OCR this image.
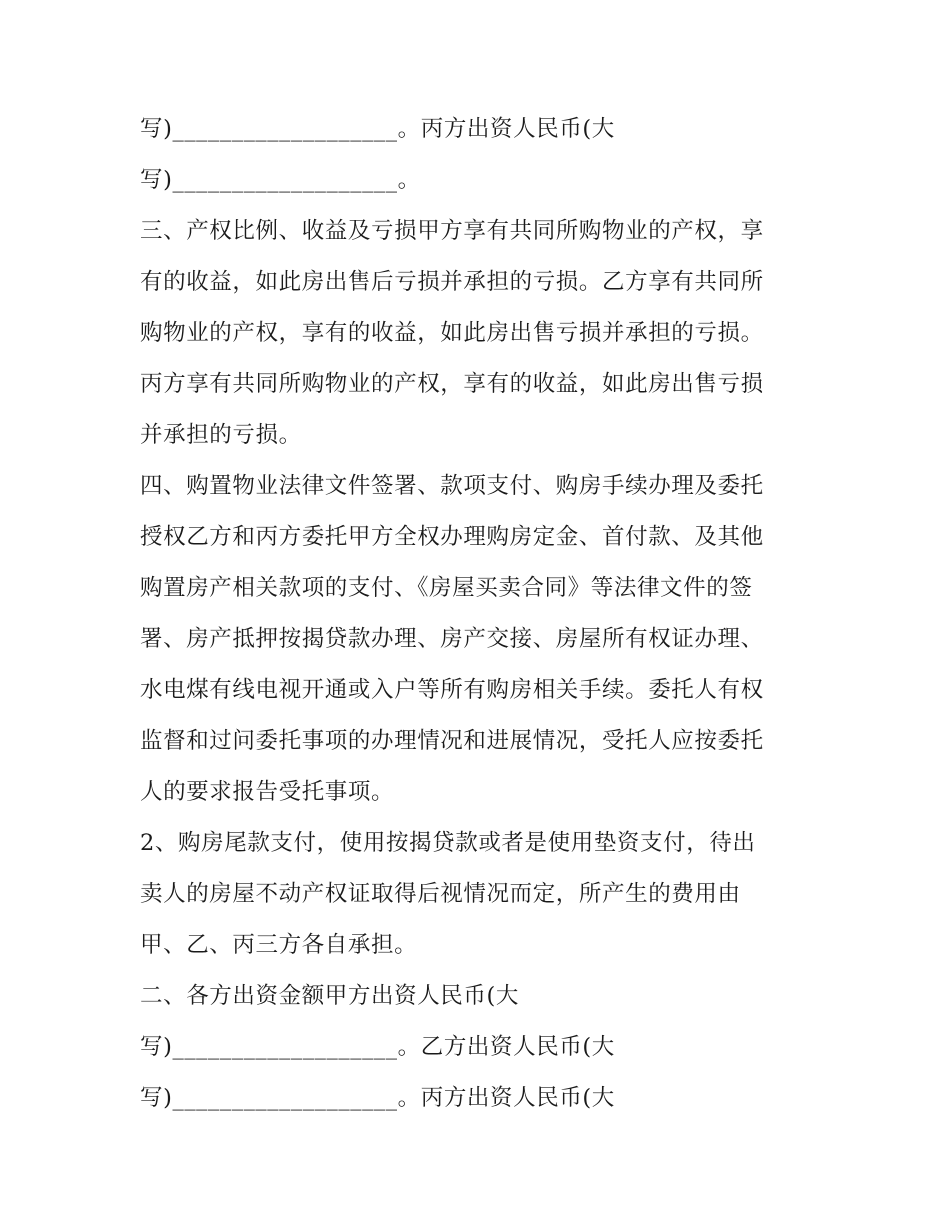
写)___________________。丙方出资人民币(大
写)___________________。
三、产权比例、收益及亏损甲方享有共同所购物业的产权，享
有的收益，如此房出售后亏损并承担的亏损。乙方享有共同所
购物业的产权，享有的收益，如此房出售亏损并承担的亏损。
丙方享有共同所购物业的产权，享有的收益，如此房出售亏损
并承担的亏损。
四、购置物业法律文件签署、款项支付、购房手续办理及委托
授权乙方和丙方委托甲方全权办理购房定金、首付款、及其他
购置房产相关款项的支付、《房屋买卖合同》等法律文件的签
署、房产抵押按揭贷款办理、房产交接、房屋所有权证办理、
水电煤有线电视开通或入户等所有购房相关手续。委托人有权
监督和过问委托事项的办理情况和进展情况，受托人应按委托
人的要求报告受托事项。
2、购房尾款支付，使用按揭贷款或者是使用垫资支付，待出
卖人的房屋不动产权证取得后视情况而定，所产生的费用由
甲、乙、丙三方各自承担。
二、各方出资金额甲方出资人民币(大
写)___________________。乙方出资人民币(大
写)___________________。丙方出资人民币(大
